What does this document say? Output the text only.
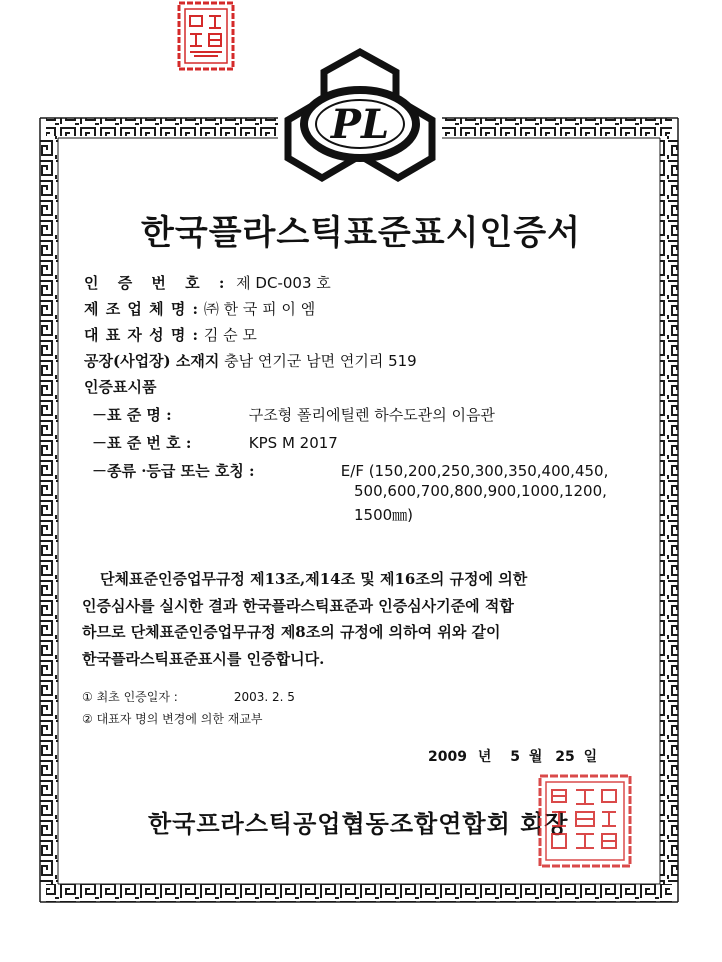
PL
한국플라스틱표준표시인증서
인 증 번 호 : 제 DC-003 호
제 조 업 체 명 : ㈜ 한 국 피 이 엠
대 표 자 성 명 : 김 순 모
공장(사업장) 소재지 충남 연기군 남면 연기리 519
인증표시품
－표 준 명 :	구조형 폴리에틸렌 하수도관의 이음관
－표 준 번 호 :	KPS M 2017
－종류 ·등급 또는 호칭 :	E/F (150,200,250,300,350,400,450,
500,600,700,800,900,1000,1200,
1500㎜)
단체표준인증업무규정 제13조,제14조 및 제16조의 규정에 의한
인증심사를 실시한 결과 한국플라스틱표준과 인증심사기준에 적합
하므로 단체표준인증업무규정 제8조의 규정에 의하여 위와 같이
한국플라스틱표준표시를 인증합니다.
① 최초 인증일자 :	2003. 2. 5
② 대표자 명의 변경에 의한 재교부
2009 년 5 월 25 일
한국프라스틱공업협동조합연합회 회장
